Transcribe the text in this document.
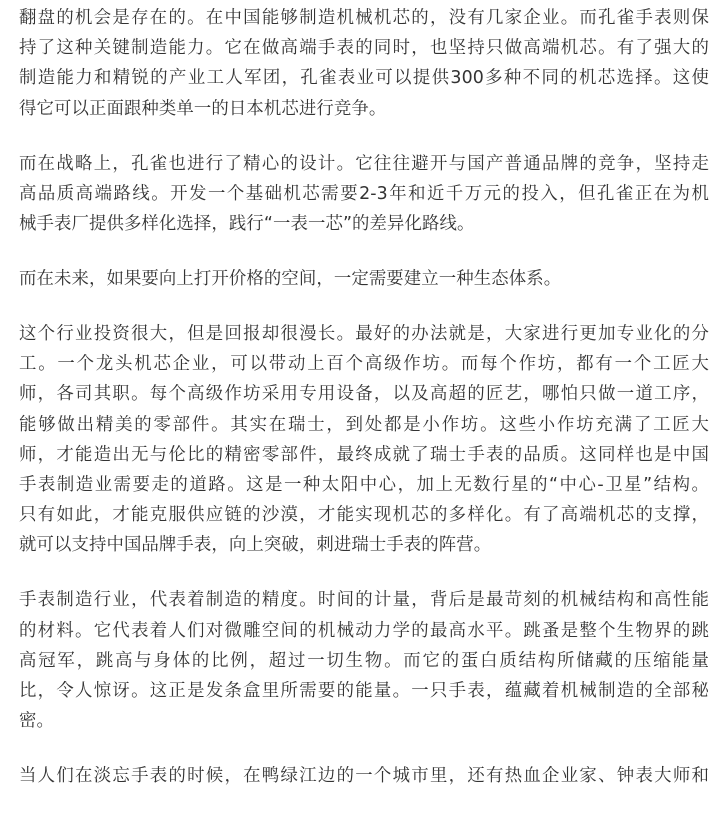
翻盘的机会是存在的。在中国能够制造机械机芯的，没有几家企业。而孔雀手表则保
持了这种关键制造能力。它在做高端手表的同时，也坚持只做高端机芯。有了强大的
制造能力和精锐的产业工人军团，孔雀表业可以提供300多种不同的机芯选择。这使
得它可以正面跟种类单一的日本机芯进行竞争。

而在战略上，孔雀也进行了精心的设计。它往往避开与国产普通品牌的竞争，坚持走
高品质高端路线。开发一个基础机芯需要2-3年和近千万元的投入，但孔雀正在为机
械手表厂提供多样化选择，践行“一表一芯”的差异化路线。

而在未来，如果要向上打开价格的空间，一定需要建立一种生态体系。

这个行业投资很大，但是回报却很漫长。最好的办法就是，大家进行更加专业化的分
工。一个龙头机芯企业，可以带动上百个高级作坊。而每个作坊，都有一个工匠大
师，各司其职。每个高级作坊采用专用设备，以及高超的匠艺，哪怕只做一道工序，
能够做出精美的零部件。其实在瑞士，到处都是小作坊。这些小作坊充满了工匠大
师，才能造出无与伦比的精密零部件，最终成就了瑞士手表的品质。这同样也是中国
手表制造业需要走的道路。这是一种太阳中心，加上无数行星的“中心-卫星”结构。
只有如此，才能克服供应链的沙漠，才能实现机芯的多样化。有了高端机芯的支撑，
就可以支持中国品牌手表，向上突破，刺进瑞士手表的阵营。

手表制造行业，代表着制造的精度。时间的计量，背后是最苛刻的机械结构和高性能
的材料。它代表着人们对微雕空间的机械动力学的最高水平。跳蚤是整个生物界的跳
高冠军，跳高与身体的比例，超过一切生物。而它的蛋白质结构所储藏的压缩能量
比，令人惊讶。这正是发条盒里所需要的能量。一只手表，蕴藏着机械制造的全部秘
密。

当人们在淡忘手表的时候，在鸭绿江边的一个城市里，还有热血企业家、钟表大师和
